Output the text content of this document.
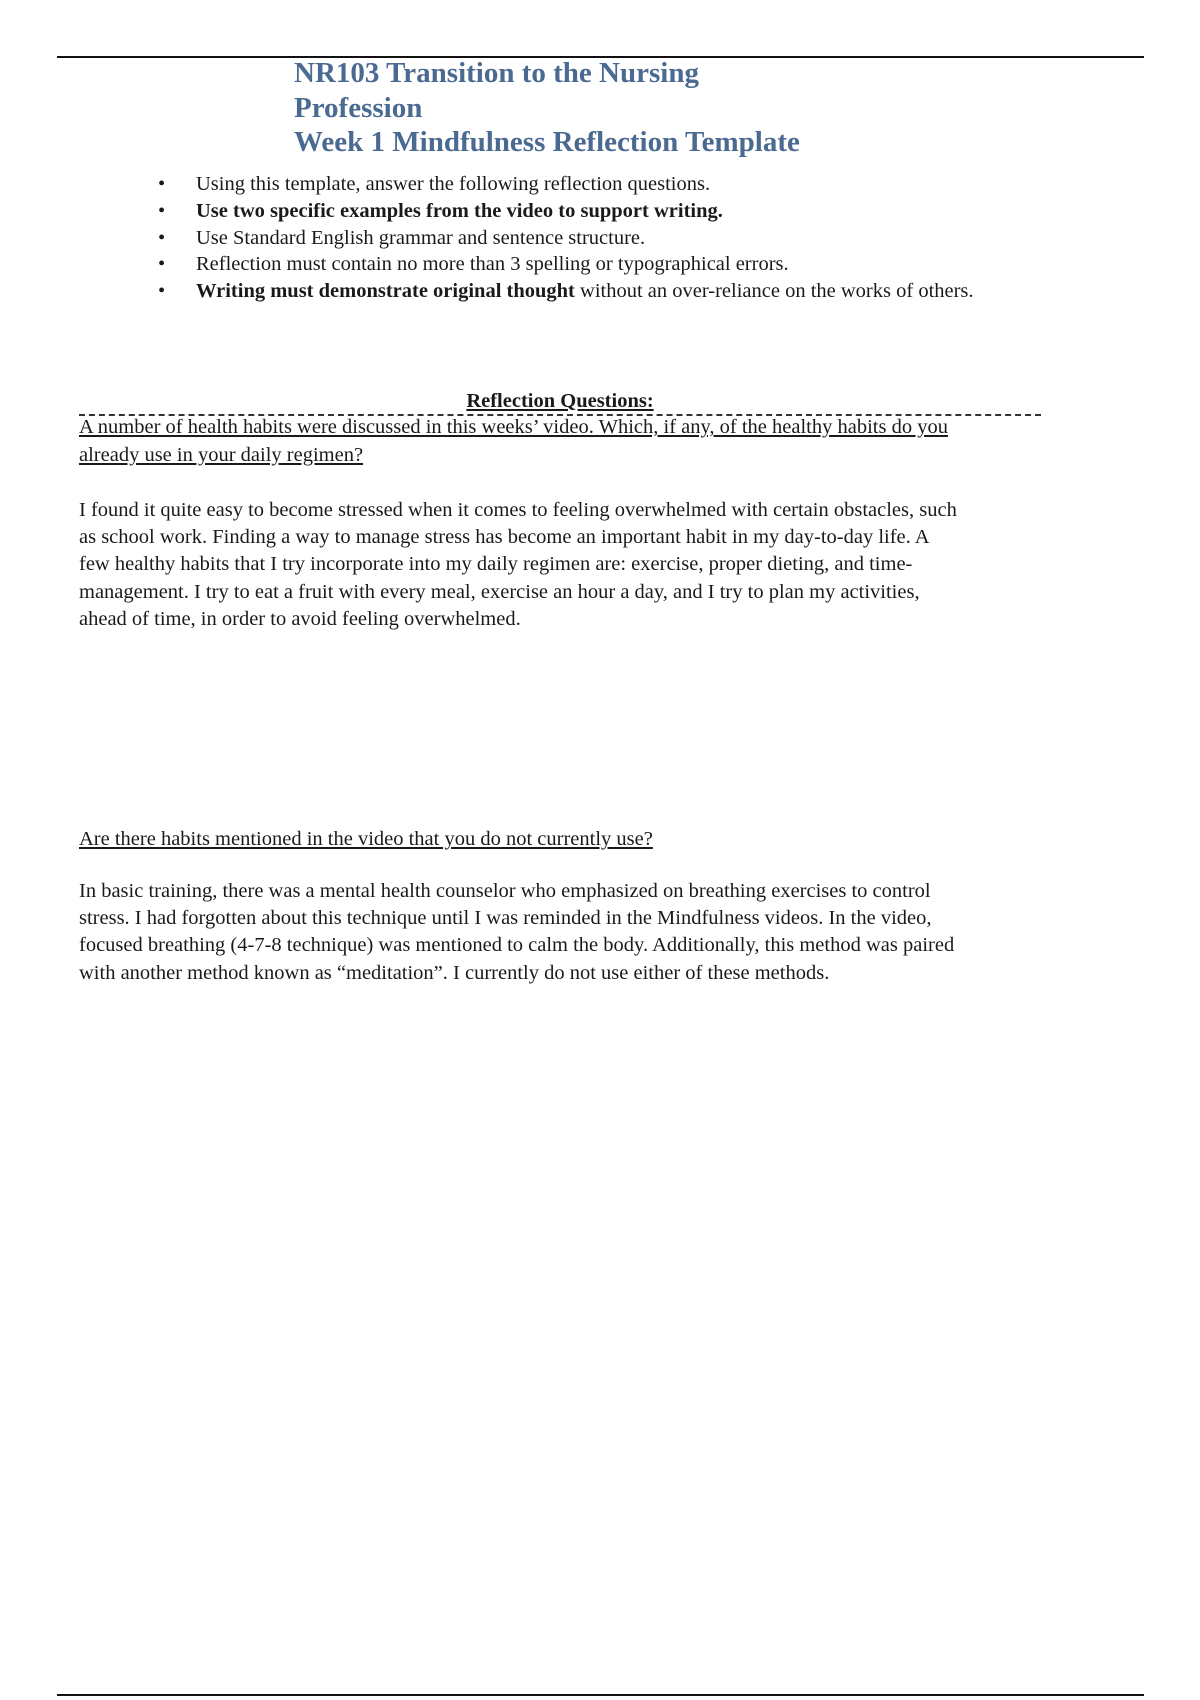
NR103 Transition to the Nursing
Profession
Week 1 Mindfulness Reflection Template
• Using this template, answer the following reflection questions.
• Use two specific examples from the video to support writing.
• Use Standard English grammar and sentence structure.
• Reflection must contain no more than 3 spelling or typographical errors.
• Writing must demonstrate original thought without an over-reliance on the works of others.
Reflection Questions:
A number of health habits were discussed in this weeks’ video. Which, if any, of the healthy habits do you
already use in your daily regimen?
I found it quite easy to become stressed when it comes to feeling overwhelmed with certain obstacles, such
as school work. Finding a way to manage stress has become an important habit in my day-to-day life. A
few healthy habits that I try incorporate into my daily regimen are: exercise, proper dieting, and time-
management. I try to eat a fruit with every meal, exercise an hour a day, and I try to plan my activities,
ahead of time, in order to avoid feeling overwhelmed.
Are there habits mentioned in the video that you do not currently use?
In basic training, there was a mental health counselor who emphasized on breathing exercises to control
stress. I had forgotten about this technique until I was reminded in the Mindfulness videos. In the video,
focused breathing (4-7-8 technique) was mentioned to calm the body. Additionally, this method was paired
with another method known as “meditation”. I currently do not use either of these methods.
